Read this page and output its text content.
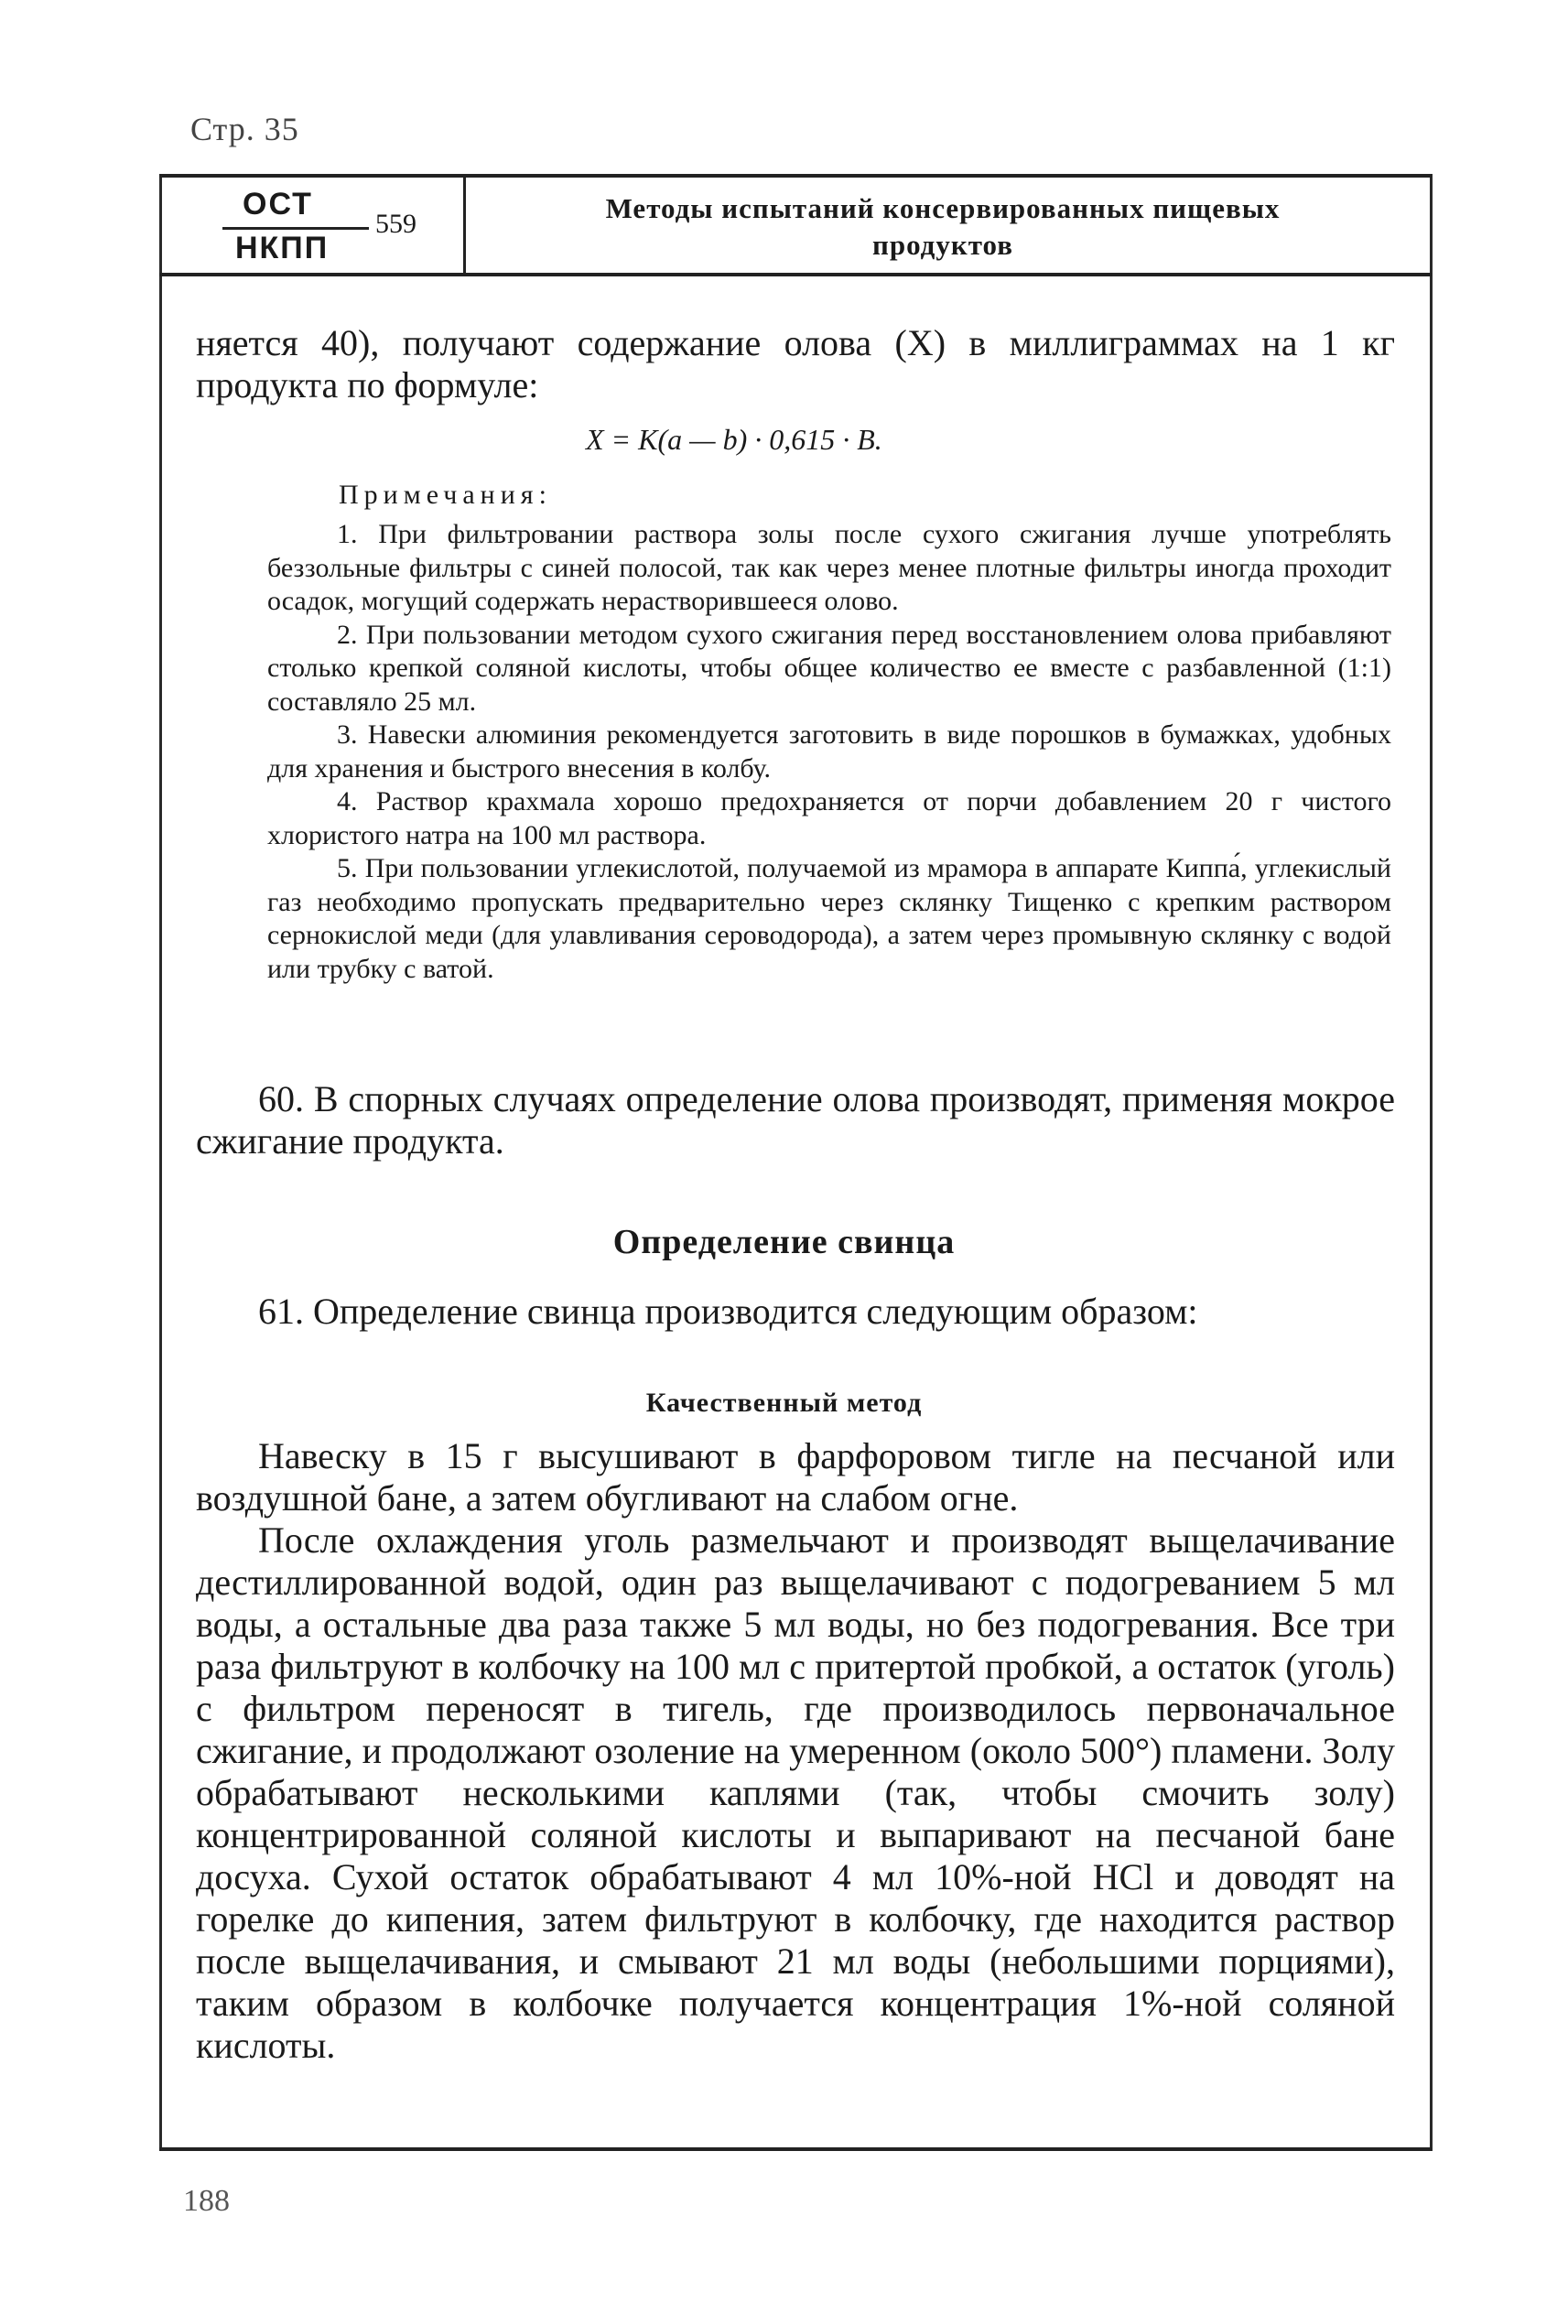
Стр. 35
ОСТ
НКПП
559	Методы испытаний консервированных пищевых продуктов

няется 40), получают содержание олова (X) в миллиграммах на 1 кг продукта по формуле:

X = K(a — b) · 0,615 · B.
Примечания:

1. При фильтровании раствора золы после сухого сжигания лучше употреблять беззольные фильтры с синей полосой, так как через менее плотные фильтры иногда проходит осадок, могущий содержать нерастворившееся олово.

2. При пользовании методом сухого сжигания перед восстановлением олова прибавляют столько крепкой соляной кислоты, чтобы общее количество ее вместе с разбавленной (1:1) составляло 25 мл.

3. Навески алюминия рекомендуется заготовить в виде порошков в бумажках, удобных для хранения и быстрого внесения в колбу.

4. Раствор крахмала хорошо предохраняется от порчи добавлением 20 г чистого хлористого натра на 100 мл раствора.

5. При пользовании углекислотой, получаемой из мрамора в аппарате Киппа́, углекислый газ необходимо пропускать предварительно через склянку Тищенко с крепким раствором сернокислой меди (для улавливания сероводорода), а затем через промывную склянку с водой или трубку с ватой.

60. В спорных случаях определение олова производят, применяя мокрое сжигание продукта.

Определение свинца

61. Определение свинца производится следующим образом:

Качественный метод

Навеску в 15 г высушивают в фарфоровом тигле на песчаной или воздушной бане, а затем обугливают на слабом огне.

После охлаждения уголь размельчают и производят выщелачивание дестиллированной водой, один раз выщелачивают с подогреванием 5 мл воды, а остальные два раза также 5 мл воды, но без подогревания. Все три раза фильтруют в колбочку на 100 мл с притертой пробкой, а остаток (уголь) с фильтром переносят в тигель, где производилось первоначальное сжигание, и продолжают озоление на умеренном (около 500°) пламени. Золу обрабатывают несколькими каплями (так, чтобы смочить золу) концентрированной соляной кислоты и выпаривают на песчаной бане досуха. Сухой остаток обрабатывают 4 мл 10%-ной HCl и доводят на горелке до кипения, затем фильтруют в колбочку, где находится раствор после выщелачивания, и смывают 21 мл воды (небольшими порциями), таким образом в колбочке получается концентрация 1%-ной соляной кислоты.

188
